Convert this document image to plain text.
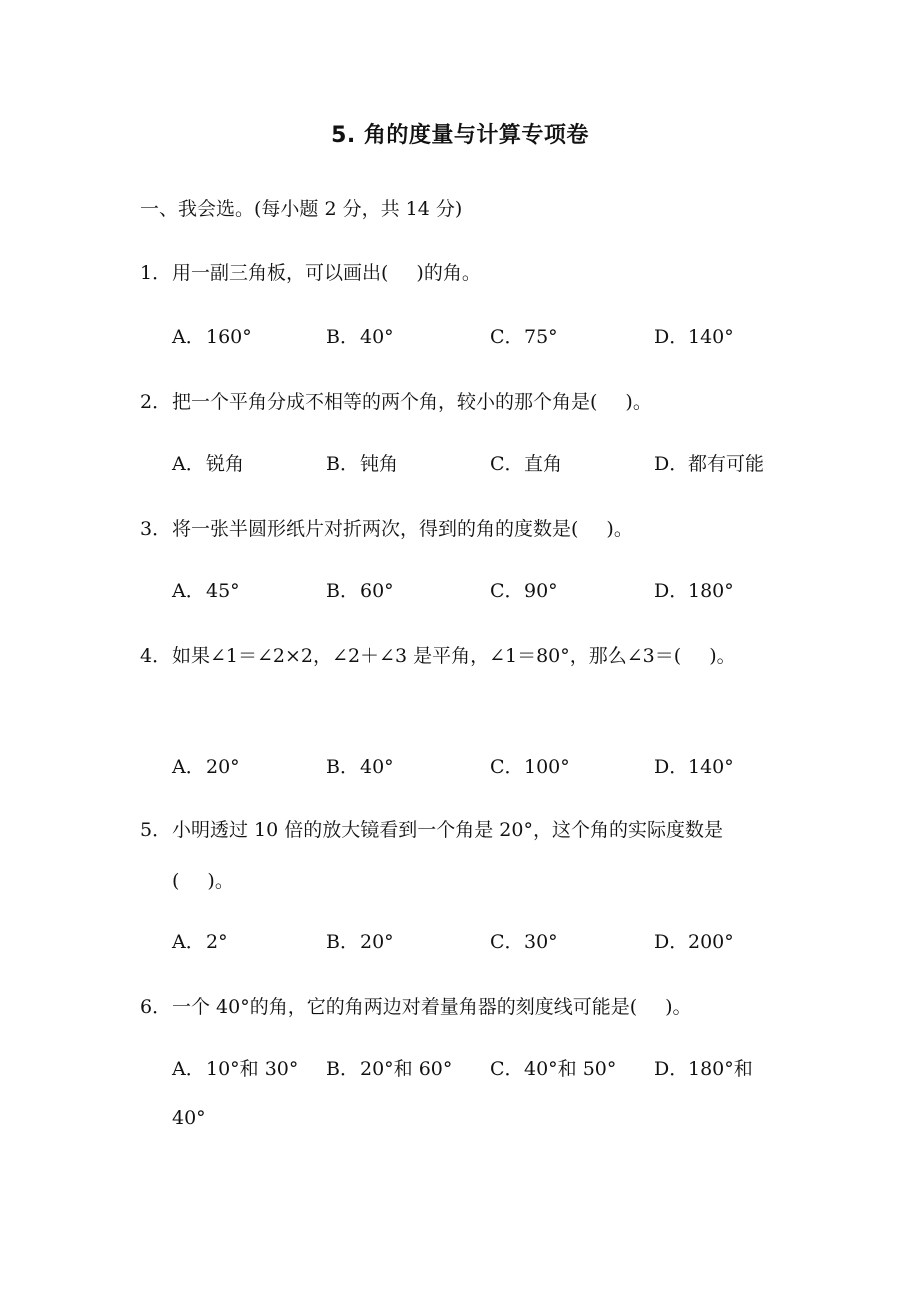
5. 角的度量与计算专项卷
一、我会选。(每小题 2 分，共 14 分)
1．用一副三角板，可以画出( )的角。
A．160°	B．40°	C．75°	D．140°
2．把一个平角分成不相等的两个角，较小的那个角是( )。
A．锐角	B．钝角	C．直角	D．都有可能
3．将一张半圆形纸片对折两次，得到的角的度数是( )。
A．45°	B．60°	C．90°	D．180°
4．如果∠1＝∠2×2，∠2＋∠3 是平角，∠1＝80°，那么∠3＝( )。
A．20°	B．40°	C．100°	D．140°
5．小明透过 10 倍的放大镜看到一个角是 20°，这个角的实际度数是
( )。
A．2°	B．20°	C．30°	D．200°
6．一个 40°的角，它的角两边对着量角器的刻度线可能是( )。
A．10°和 30° B．20°和 60° C．40°和 50° D．180°和
40°
